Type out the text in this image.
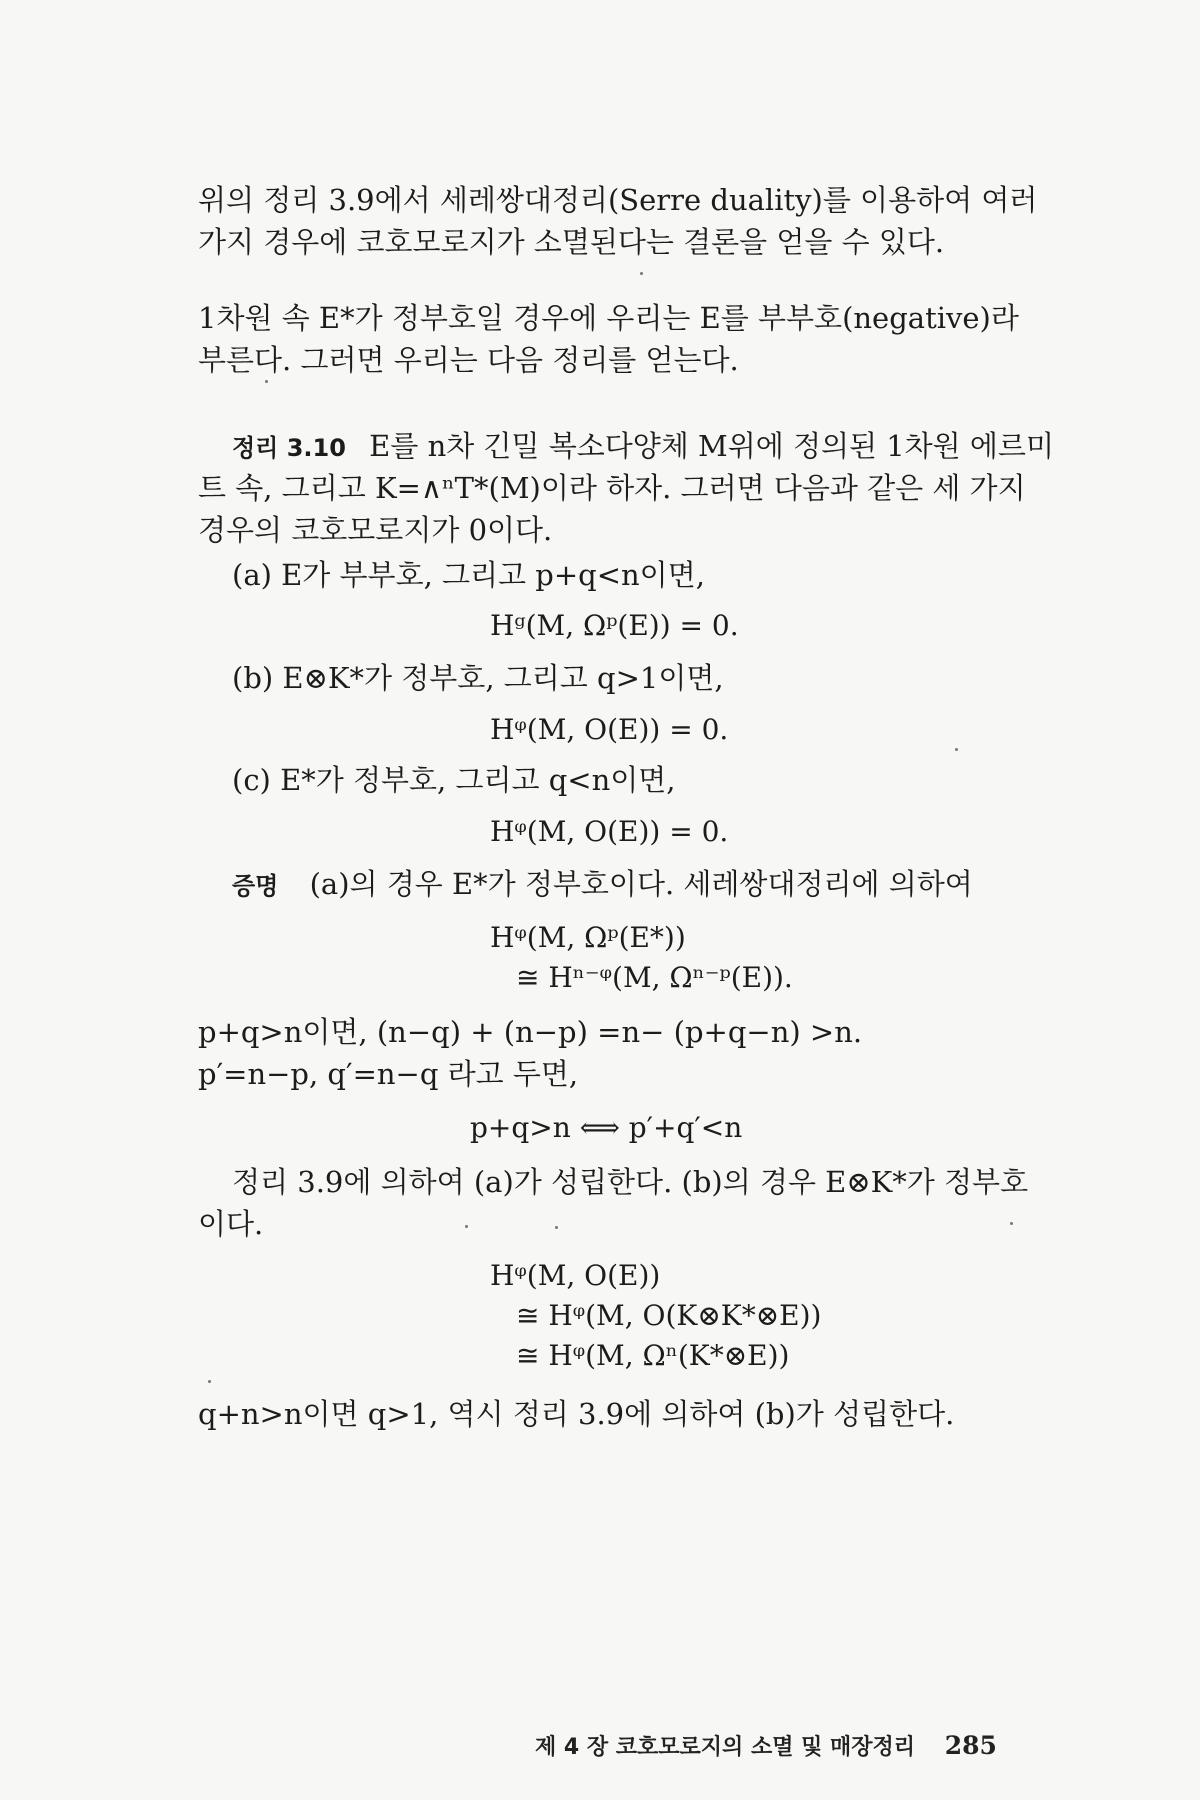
위의 정리 3.9에서 세레쌍대정리(Serre duality)를 이용하여 여러
가지 경우에 코호모로지가 소멸된다는 결론을 얻을 수 있다.
1차원 속 E*가 정부호일 경우에 우리는 E를 부부호(negative)라
부른다. 그러면 우리는 다음 정리를 얻는다.
정리 3.10 E를 n차 긴밀 복소다양체 M위에 정의된 1차원 에르미
트 속, 그리고 K=∧ⁿT*(M)이라 하자. 그러면 다음과 같은 세 가지
경우의 코호모로지가 0이다.
(a) E가 부부호, 그리고 p+q<n이면,
Hᵍ(M, Ωᵖ(E)) = 0.
(b) E⊗K*가 정부호, 그리고 q>1이면,
Hᵠ(M, O(E)) = 0.
(c) E*가 정부호, 그리고 q<n이면,
Hᵠ(M, O(E)) = 0.
증명 (a)의 경우 E*가 정부호이다. 세레쌍대정리에 의하여
Hᵠ(M, Ωᵖ(E*))
≅ Hⁿ⁻ᵠ(M, Ωⁿ⁻ᵖ(E)).
p+q>n이면, (n−q) + (n−p) =n− (p+q−n) >n.
p′=n−p, q′=n−q 라고 두면,
p+q>n ⟺ p′+q′<n
정리 3.9에 의하여 (a)가 성립한다. (b)의 경우 E⊗K*가 정부호
이다.
Hᵠ(M, O(E))
≅ Hᵠ(M, O(K⊗K*⊗E))
≅ Hᵠ(M, Ωⁿ(K*⊗E))
q+n>n이면 q>1, 역시 정리 3.9에 의하여 (b)가 성립한다.
제 4 장 코호모로지의 소멸 및 매장정리 285
